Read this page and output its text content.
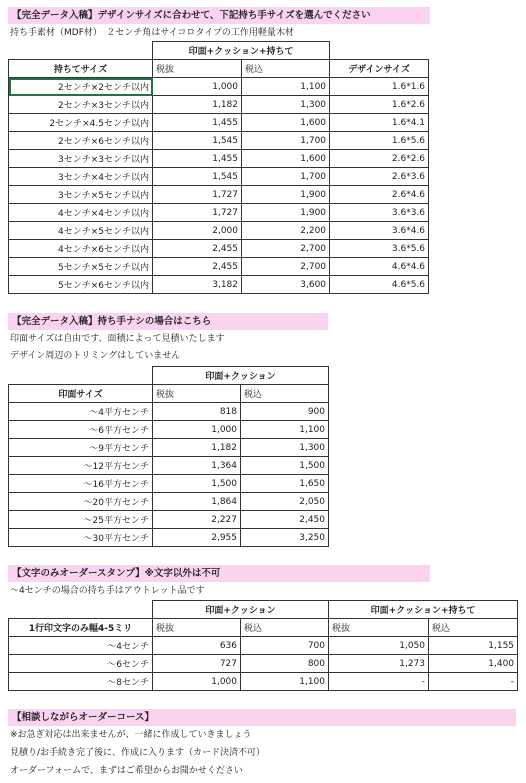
【完全データ入稿】デザインサイズに合わせて、下記持ち手サイズを選んでください
持ち手素材（MDF材）　２センチ角はサイコロタイプの工作用軽量木材
	印面+クッション+持ちて		
持ちてサイズ	税抜	税込	デザインサイズ
2センチ×2センチ以内	1,000	1,100	1.6*1.6
2センチ×3センチ以内	1,182	1,300	1.6*2.6
2センチ×4.5センチ以内	1,455	1,600	1.6*4.1
2センチ×6センチ以内	1,545	1,700	1.6*5.6
3センチ×3センチ以内	1,455	1,600	2.6*2.6
3センチ×4センチ以内	1,545	1,700	2.6*3.6
3センチ×5センチ以内	1,727	1,900	2.6*4.6
4センチ×4センチ以内	1,727	1,900	3.6*3.6
4センチ×5センチ以内	2,000	2,200	3.6*4.6
4センチ×6センチ以内	2,455	2,700	3.6*5.6
5センチ×5センチ以内	2,455	2,700	4.6*4.6
5センチ×6センチ以内	3,182	3,600	4.6*5.6
【完全データ入稿】持ち手ナシの場合はこちら
印面サイズは自由です、面積によって見積いたします
デザイン周辺のトリミングはしていません
	印面+クッション	
印面サイズ	税抜	税込
～4平方センチ	818	900
～6平方センチ	1,000	1,100
～9平方センチ	1,182	1,300
～12平方センチ	1,364	1,500
～16平方センチ	1,500	1,650
～20平方センチ	1,864	2,050
～25平方センチ	2,227	2,450
～30平方センチ	2,955	3,250
【文字のみオーダースタンプ】※文字以外は不可
～4センチの場合の持ち手はアウトレット品です
	印面+クッション		印面+クッション+持ちて	
1行印文字のみ幅4-5ミリ	税抜	税込	税抜	税込
～4センチ	636	700	1,050	1,155
～6センチ	727	800	1,273	1,400
～8センチ	1,000	1,100	-	-
【相談しながらオーダーコース】
※お急ぎ対応は出来ませんが、一緒に作成していきましょう
見積り/お手続き完了後に、作成に入ります（カード決済不可）
オーダーフォームで、まずはご希望からお聞かせください
